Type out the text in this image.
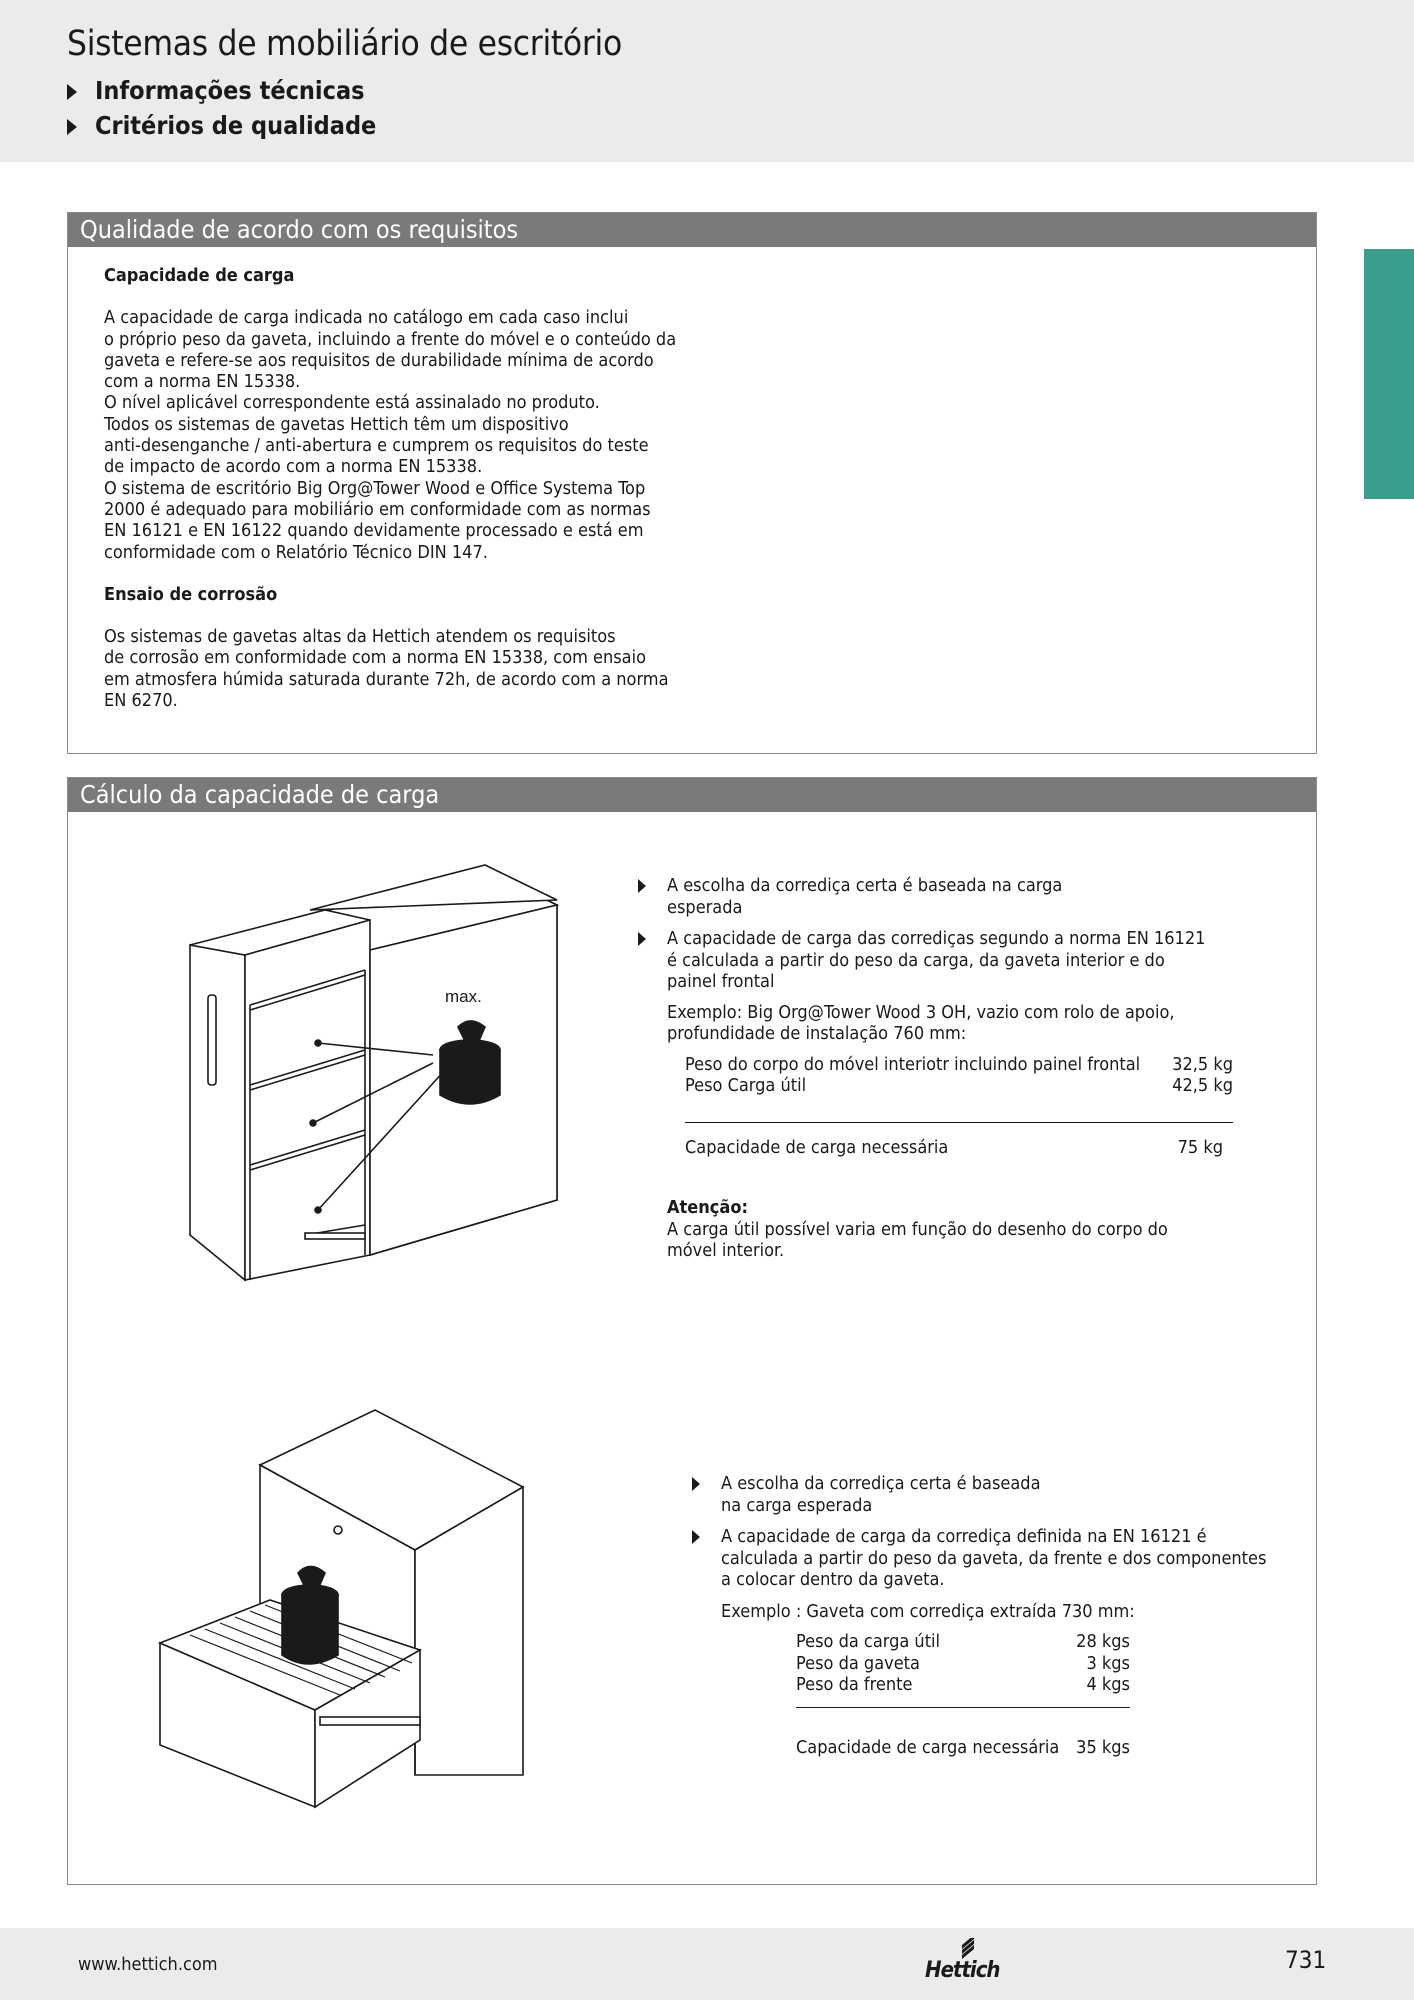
Sistemas de mobiliário de escritório
Informações técnicas
Critérios de qualidade
Qualidade de acordo com os requisitos
Capacidade de carga
A capacidade de carga indicada no catálogo em cada caso inclui
o próprio peso da gaveta, incluindo a frente do móvel e o conteúdo da
gaveta e refere-se aos requisitos de durabilidade mínima de acordo
com a norma EN 15338.
O nível aplicável correspondente está assinalado no produto.
Todos os sistemas de gavetas Hettich têm um dispositivo
anti-desenganche / anti-abertura e cumprem os requisitos do teste
de impacto de acordo com a norma EN 15338.
O sistema de escritório Big Org@Tower Wood e Office Systema Top
2000 é adequado para mobiliário em conformidade com as normas
EN 16121 e EN 16122 quando devidamente processado e está em
conformidade com o Relatório Técnico DIN 147.
Ensaio de corrosão
Os sistemas de gavetas altas da Hettich atendem os requisitos
de corrosão em conformidade com a norma EN 15338, com ensaio
em atmosfera húmida saturada durante 72h, de acordo com a norma
EN 6270.
Cálculo da capacidade de carga
A escolha da corrediça certa é baseada na carga
esperada
A capacidade de carga das corrediças segundo a norma EN 16121
é calculada a partir do peso da carga, da gaveta interior e do
painel frontal
Exemplo: Big Org@Tower Wood 3 OH, vazio com rolo de apoio,
profundidade de instalação 760 mm:
Peso do corpo do móvel interiotr incluindo painel frontal 32,5 kg
Peso Carga útil	42,5 kg
Capacidade de carga necessária	75 kg
Atenção:
A carga útil possível varia em função do desenho do corpo do
móvel interior.
A escolha da corrediça certa é baseada
na carga esperada
A capacidade de carga da corrediça definida na EN 16121 é
calculada a partir do peso da gaveta, da frente e dos componentes
a colocar dentro da gaveta.
Exemplo : Gaveta com corrediça extraída 730 mm:
Peso da carga útil	28 kgs
Peso da gaveta	3 kgs
Peso da frente	4 kgs
Capacidade de carga necessária 35 kgs
max.
www.hettich.com	Hettich	731
